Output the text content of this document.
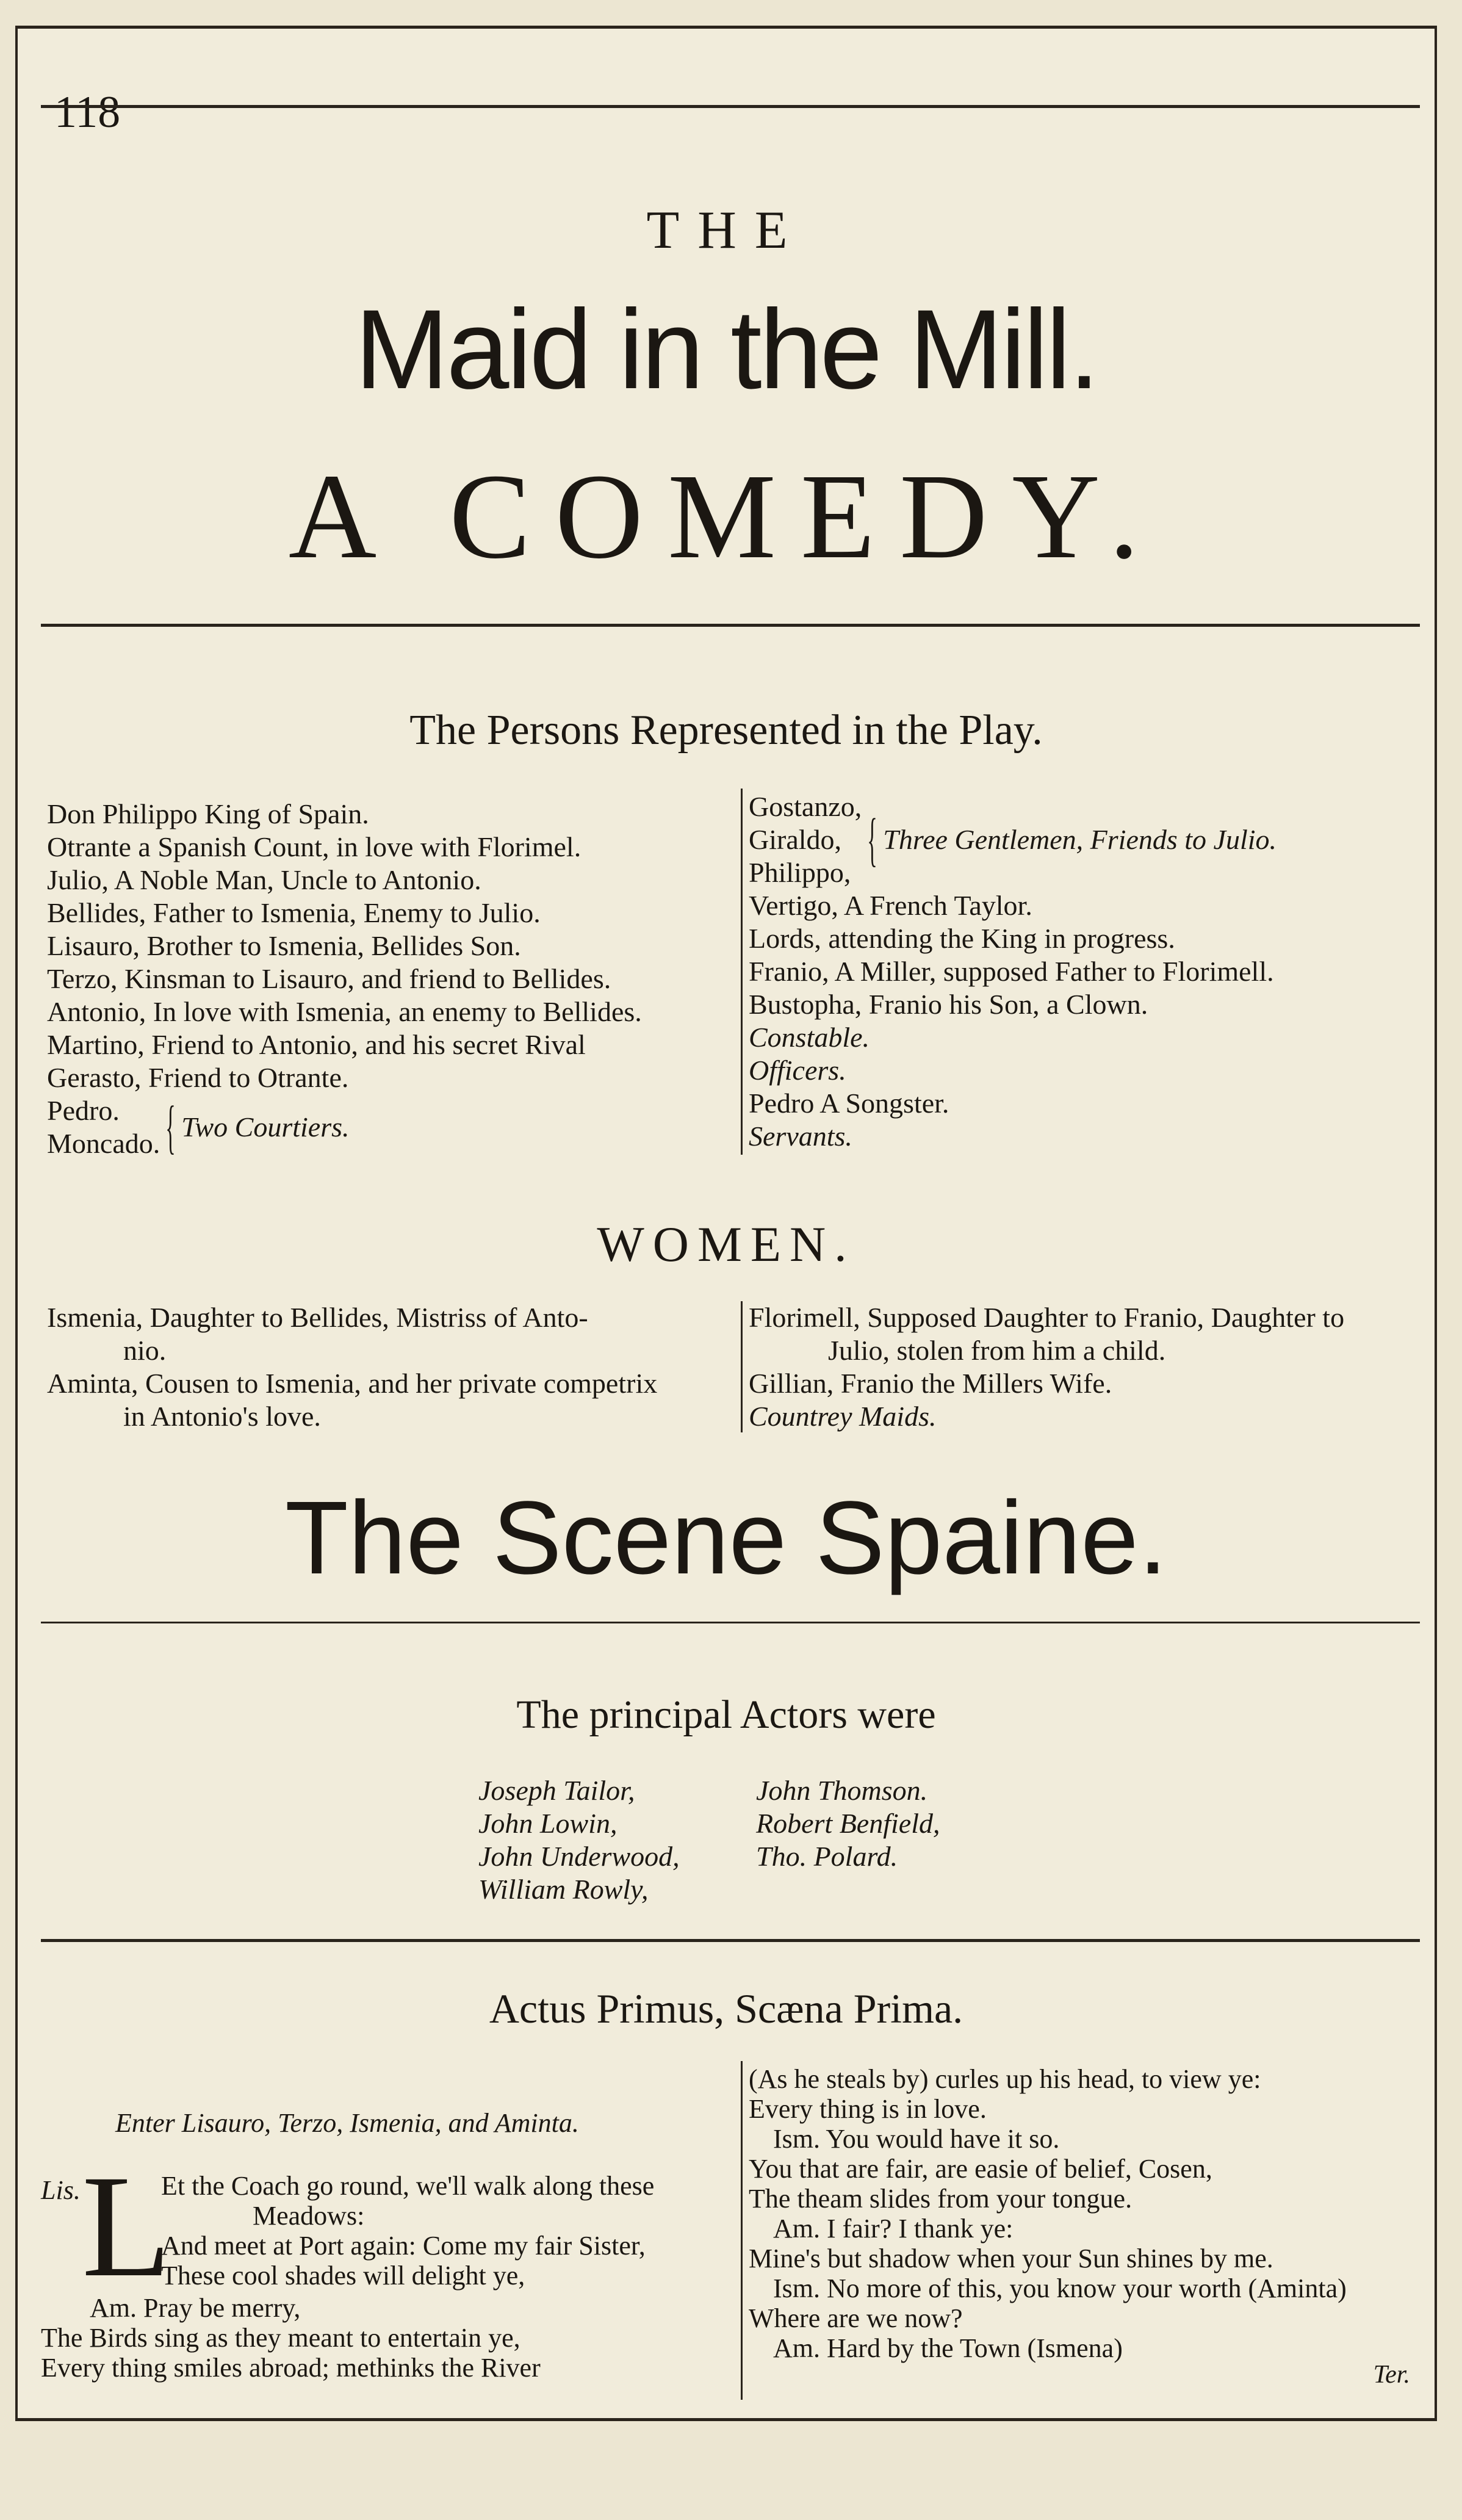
118
THE
Maid in the Mill.
A COMEDY.
The Persons Represented in the Play.
Don Philippo King of Spain.
Otrante a Spanish Count, in love with Florimel.
Julio, A Noble Man, Uncle to Antonio.
Bellides, Father to Ismenia, Enemy to Julio.
Lisauro, Brother to Ismenia, Bellides Son.
Terzo, Kinsman to Lisauro, and friend to Bellides.
Antonio, In love with Ismenia, an enemy to Bellides.
Martino, Friend to Antonio, and his secret Rival
Gerasto, Friend to Otrante.
Pedro.
Moncado. { Two Courtiers.
Gostanzo,
Giraldo,
Philippo, { Three Gentlemen, Friends to Julio.
Vertigo, A French Taylor.
Lords, attending the King in progress.
Franio, A Miller, supposed Father to Florimell.
Bustopha, Franio his Son, a Clown.
Constable.
Officers.
Pedro A Songster.
Servants.
WOMEN.
Ismenia, Daughter to Bellides, Mistriss of Anto-
nio.
Aminta, Cousen to Ismenia, and her private competrix
in Antonio's love.
Florimell, Supposed Daughter to Franio, Daughter to
Julio, stolen from him a child.
Gillian, Franio the Millers Wife.
Countrey Maids.
The Scene Spaine.
The principal Actors were
Joseph Tailor,
John Lowin,
John Underwood,
William Rowly,
John Thomson.
Robert Benfield,
Tho. Polard.
Actus Primus, Scæna Prima.
Enter Lisauro, Terzo, Ismenia, and Aminta.
Lis. L
Et the Coach go round, we'll walk along these
Meadows:
And meet at Port again: Come my fair Sister,
These cool shades will delight ye,
Am. Pray be merry,
The Birds sing as they meant to entertain ye,
Every thing smiles abroad; methinks the River
(As he steals by) curles up his head, to view ye:
Every thing is in love.
Ism. You would have it so.
You that are fair, are easie of belief, Cosen,
The theam slides from your tongue.
Am. I fair? I thank ye:
Mine's but shadow when your Sun shines by me.
Ism. No more of this, you know your worth (Aminta)
Where are we now?
Am. Hard by the Town (Ismena)
Ter.
